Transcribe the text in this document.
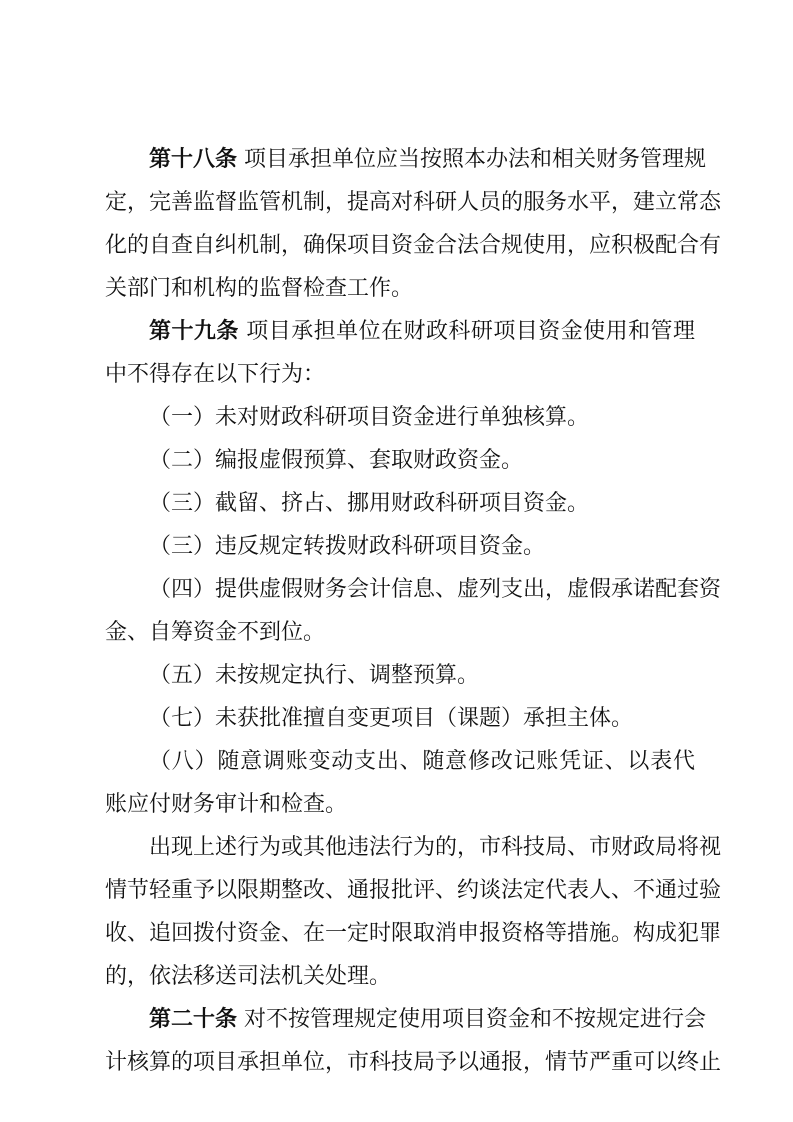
第十八条 项目承担单位应当按照本办法和相关财务管理规
定，完善监督监管机制，提高对科研人员的服务水平，建立常态
化的自查自纠机制，确保项目资金合法合规使用，应积极配合有
关部门和机构的监督检查工作。
第十九条 项目承担单位在财政科研项目资金使用和管理
中不得存在以下行为：
（一）未对财政科研项目资金进行单独核算。
（二）编报虚假预算、套取财政资金。
（三）截留、挤占、挪用财政科研项目资金。
（三）违反规定转拨财政科研项目资金。
（四）提供虚假财务会计信息、虚列支出，虚假承诺配套资
金、自筹资金不到位。
（五）未按规定执行、调整预算。
（七）未获批准擅自变更项目（课题）承担主体。
（八）随意调账变动支出、随意修改记账凭证、以表代
账应付财务审计和检查。
出现上述行为或其他违法行为的，市科技局、市财政局将视
情节轻重予以限期整改、通报批评、约谈法定代表人、不通过验
收、追回拨付资金、在一定时限取消申报资格等措施。构成犯罪
的，依法移送司法机关处理。
第二十条 对不按管理规定使用项目资金和不按规定进行会
计核算的项目承担单位，市科技局予以通报，情节严重可以终止
